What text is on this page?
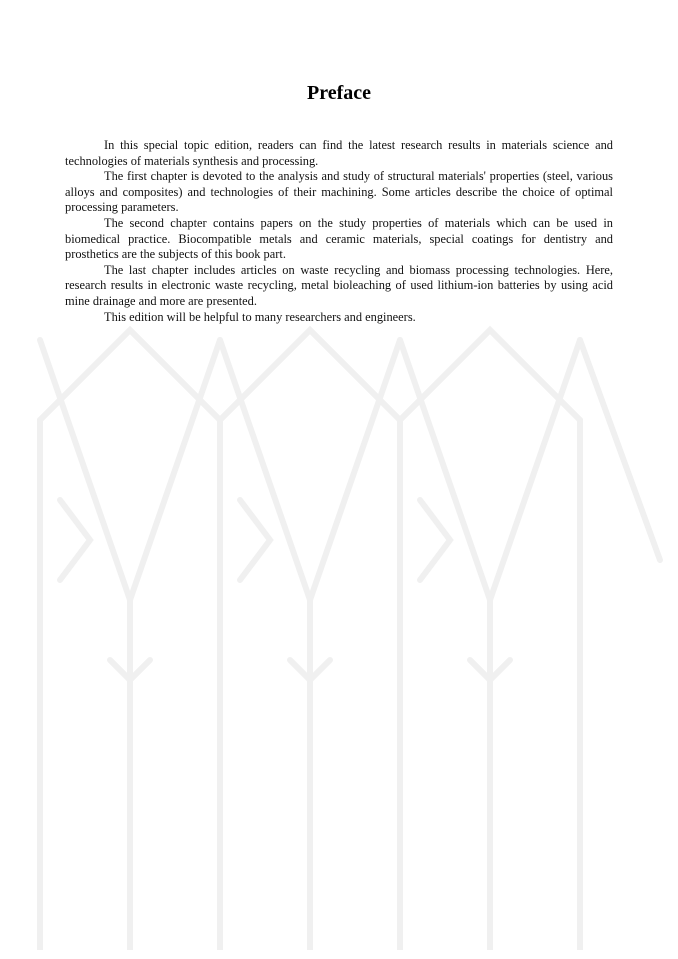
Preface

In this special topic edition, readers can find the latest research results in materials science and technologies of materials synthesis and processing.

The first chapter is devoted to the analysis and study of structural materials' properties (steel, various alloys and composites) and technologies of their machining. Some articles describe the choice of optimal processing parameters.

The second chapter contains papers on the study properties of materials which can be used in biomedical practice. Biocompatible metals and ceramic materials, special coatings for dentistry and prosthetics are the subjects of this book part.

The last chapter includes articles on waste recycling and biomass processing technologies. Here, research results in electronic waste recycling, metal bioleaching of used lithium-ion batteries by using acid mine drainage and more are presented.

This edition will be helpful to many researchers and engineers.
